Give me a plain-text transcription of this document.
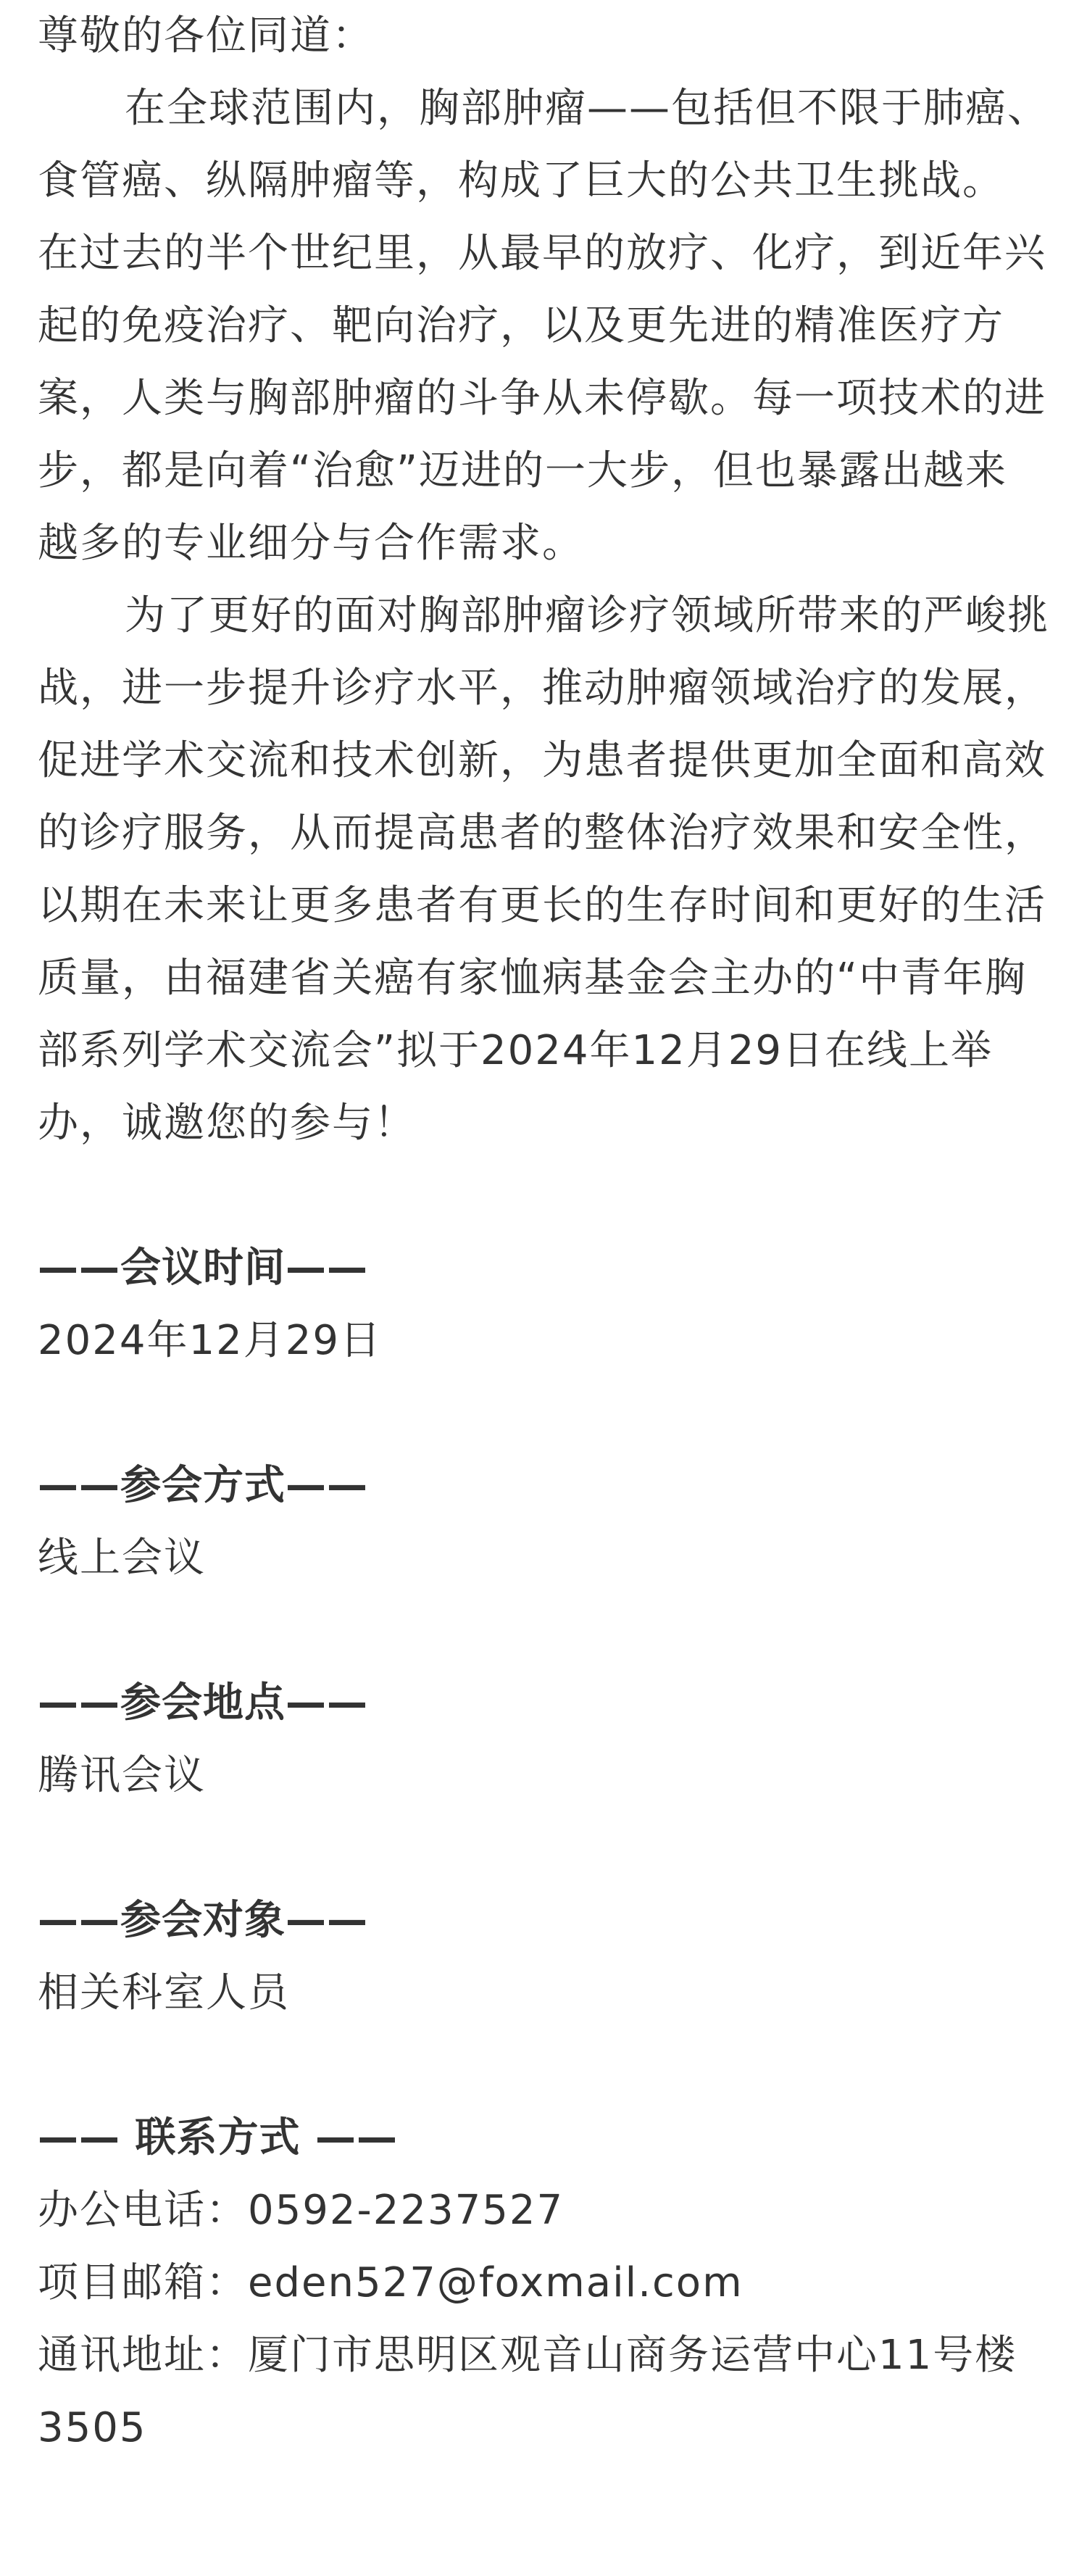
尊敬的各位同道：
在全球范围内，胸部肿瘤——包括但不限于肺癌、
食管癌、纵隔肿瘤等，构成了巨大的公共卫生挑战。
在过去的半个世纪里，从最早的放疗、化疗，到近年兴
起的免疫治疗、靶向治疗，以及更先进的精准医疗方
案，人类与胸部肿瘤的斗争从未停歇。每一项技术的进
步，都是向着“治愈”迈进的一大步，但也暴露出越来
越多的专业细分与合作需求。
为了更好的面对胸部肿瘤诊疗领域所带来的严峻挑
战，进一步提升诊疗水平，推动肿瘤领域治疗的发展，
促进学术交流和技术创新，为患者提供更加全面和高效
的诊疗服务，从而提高患者的整体治疗效果和安全性，
以期在未来让更多患者有更长的生存时间和更好的生活
质量，由福建省关癌有家恤病基金会主办的“中青年胸
部系列学术交流会”拟于2024年12月29日在线上举
办，诚邀您的参与！
——会议时间——
2024年12月29日
——参会方式——
线上会议
——参会地点——
腾讯会议
——参会对象——
相关科室人员
—— 联系方式 ——
办公电话：0592-2237527
项目邮箱：eden527@foxmail.com
通讯地址：厦门市思明区观音山商务运营中心11号楼
3505
